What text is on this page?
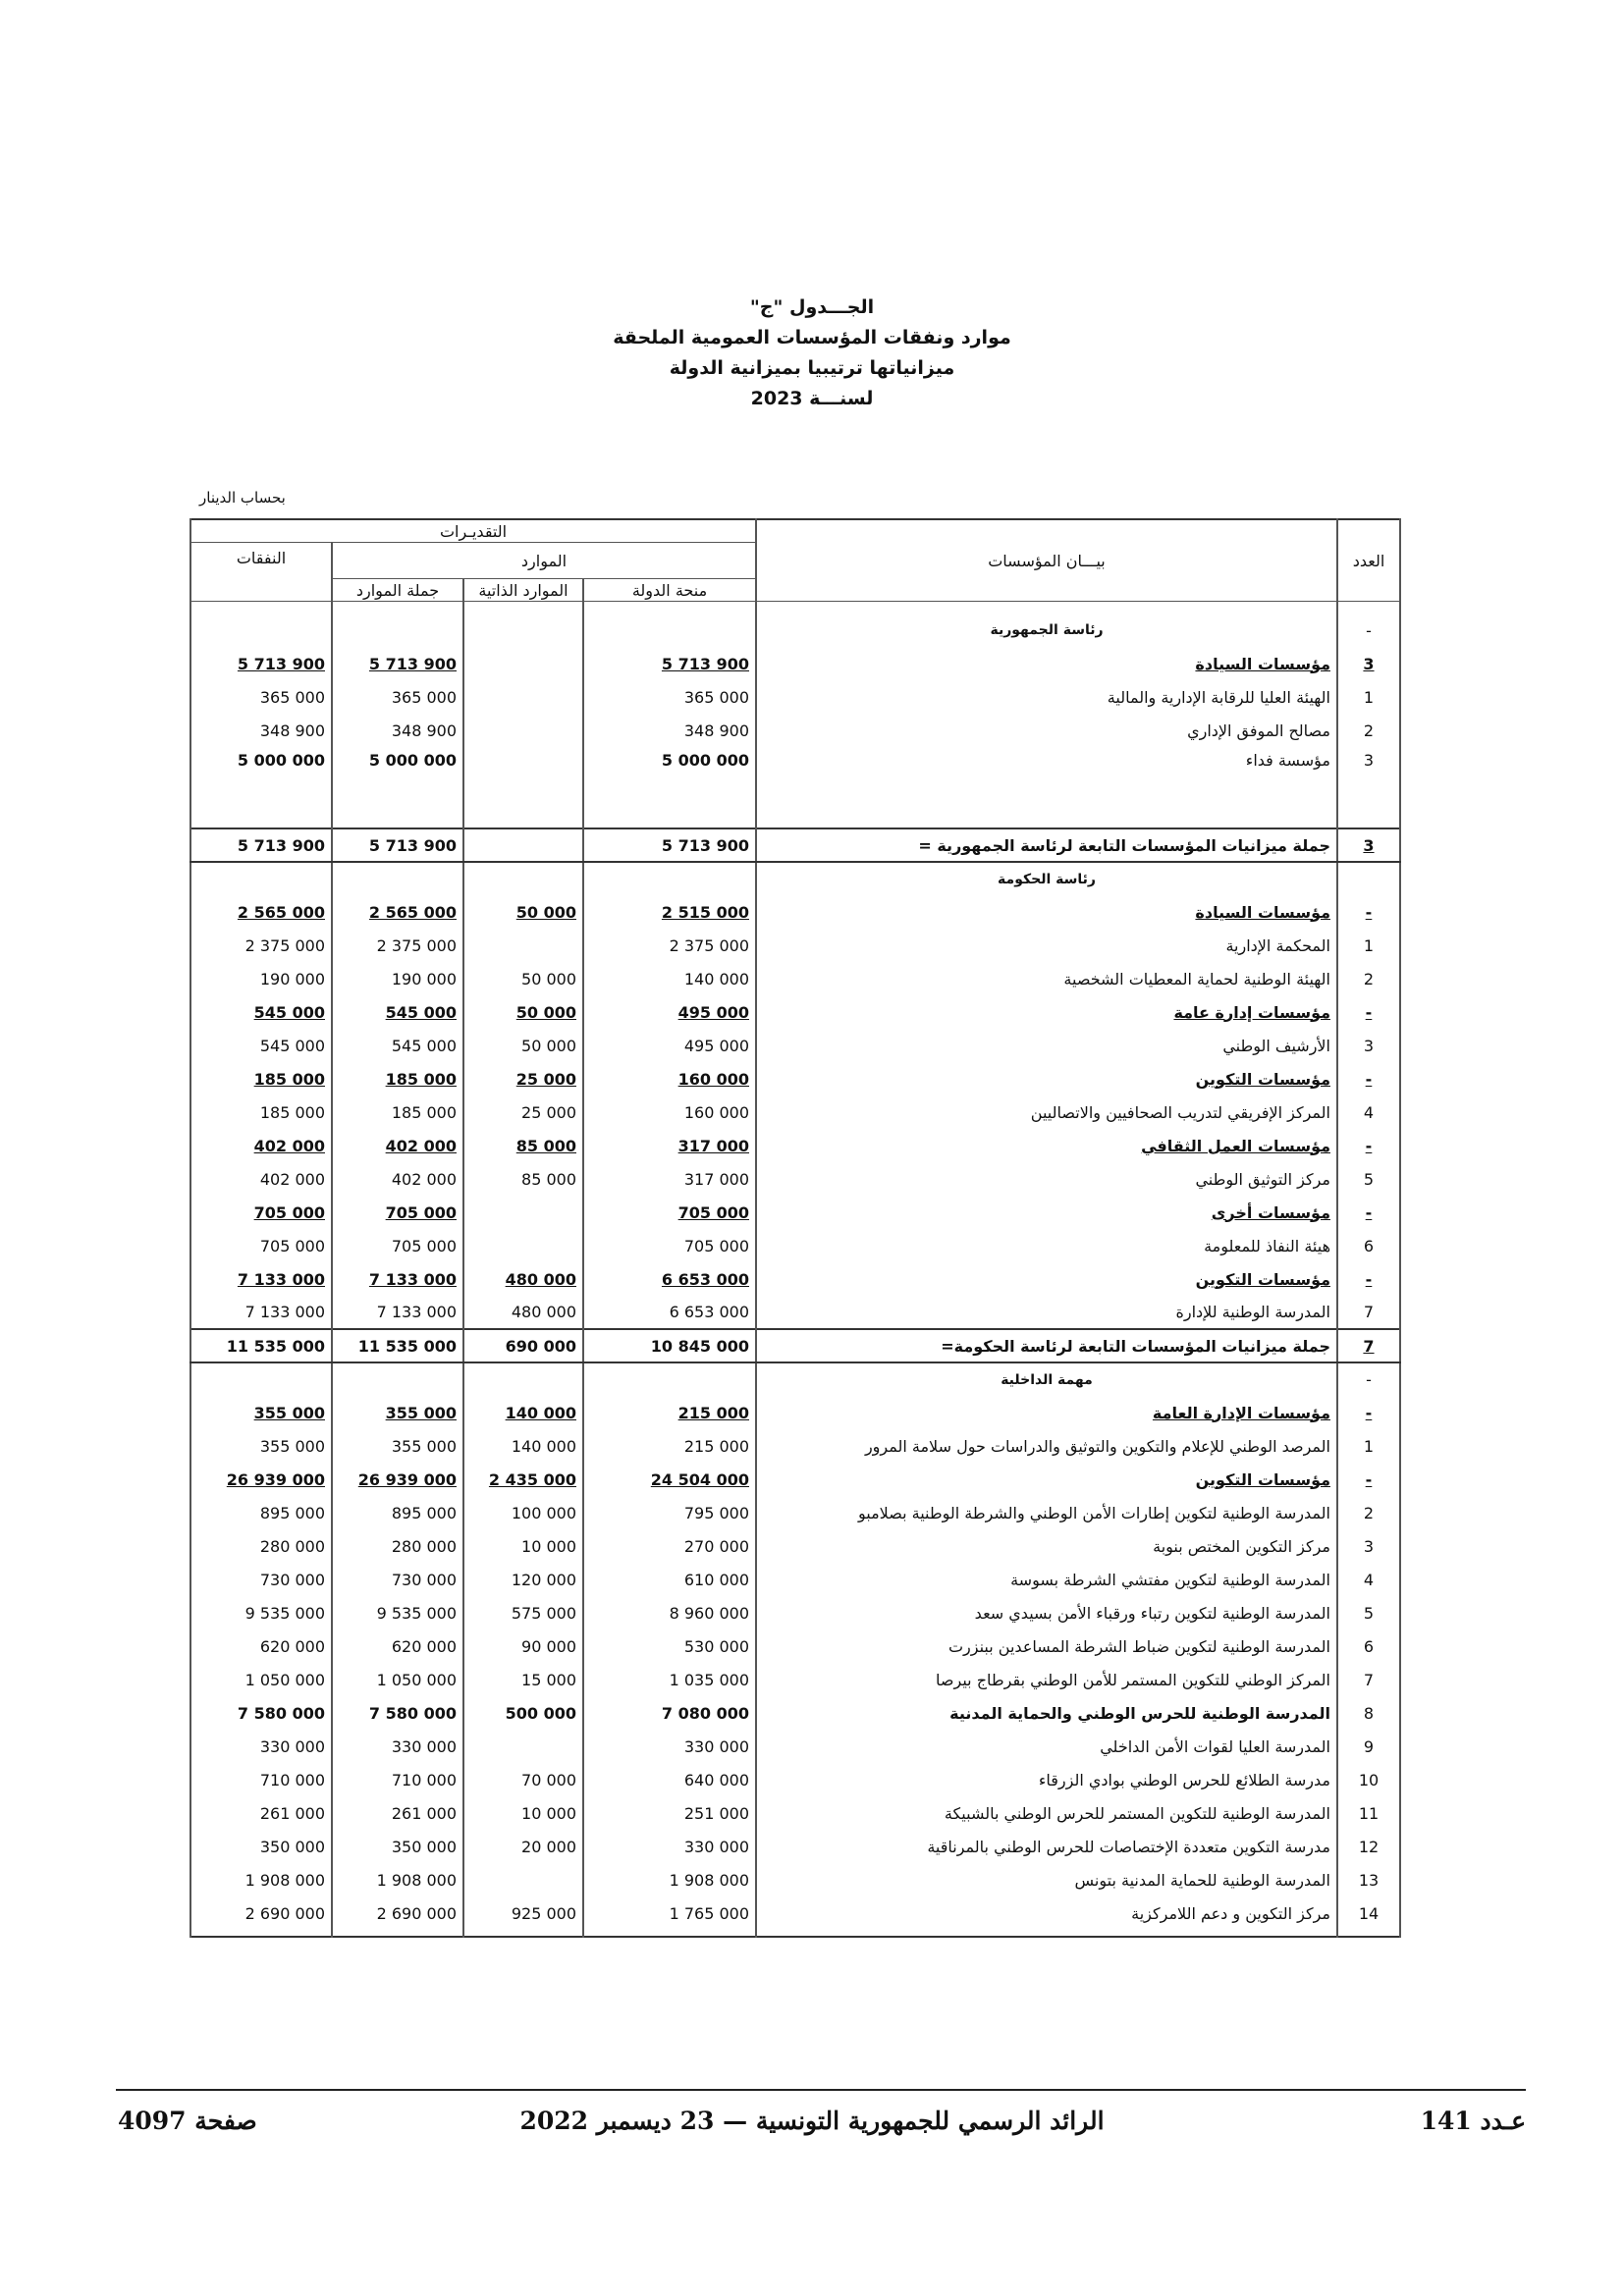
الجـــدول "ج"
موارد ونفقات المؤسسات العمومية الملحقة
ميزانياتها ترتيبيا بميزانية الدولة
لسنـــة 2023
بحساب الدينار
التقديـرات				بيـــان المؤسسات	العدد
النفقات	الموارد				
	جملة الموارد	الموارد الذاتية	منحة الدولة		

				رئاسة الجمهورية	-
5 713 900	5 713 900		5 713 900	مؤسسات السيادة	3
365 000	365 000		365 000	الهيئة العليا للرقابة الإدارية والمالية	1
348 900	348 900		348 900	مصالح الموفق الإداري	2
5 000 000	5 000 000		5 000 000	مؤسسة فداء	3

5 713 900	5 713 900		5 713 900	جملة ميزانيات المؤسسات التابعة لرئاسة الجمهورية =	3
				رئاسة الحكومة	
2 565 000	2 565 000	50 000	2 515 000	مؤسسات السيادة	-
2 375 000	2 375 000		2 375 000	المحكمة الإدارية	1
190 000	190 000	50 000	140 000	الهيئة الوطنية لحماية المعطيات الشخصية	2
545 000	545 000	50 000	495 000	مؤسسات إدارة عامة	-
545 000	545 000	50 000	495 000	الأرشيف الوطني	3
185 000	185 000	25 000	160 000	مؤسسات التكوين	-
185 000	185 000	25 000	160 000	المركز الإفريقي لتدريب الصحافيين والاتصاليين	4
402 000	402 000	85 000	317 000	مؤسسات العمل الثقافي	-
402 000	402 000	85 000	317 000	مركز التوثيق الوطني	5
705 000	705 000		705 000	مؤسسات أخرى	-
705 000	705 000		705 000	هيئة النفاذ للمعلومة	6
7 133 000	7 133 000	480 000	6 653 000	مؤسسات التكوين	-
7 133 000	7 133 000	480 000	6 653 000	المدرسة الوطنية للإدارة	7
11 535 000	11 535 000	690 000	10 845 000	جملة ميزانيات المؤسسات التابعة لرئاسة الحكومة=	7
				مهمة الداخلية	-
355 000	355 000	140 000	215 000	مؤسسات الإدارة العامة	-
355 000	355 000	140 000	215 000	المرصد الوطني للإعلام والتكوين والتوثيق والدراسات حول سلامة المرور	1
26 939 000	26 939 000	2 435 000	24 504 000	مؤسسات التكوين	-
895 000	895 000	100 000	795 000	المدرسة الوطنية لتكوين إطارات الأمن الوطني والشرطة الوطنية بصلامبو	2
280 000	280 000	10 000	270 000	مركز التكوين المختص بنوبة	3
730 000	730 000	120 000	610 000	المدرسة الوطنية لتكوين مفتشي الشرطة بسوسة	4
9 535 000	9 535 000	575 000	8 960 000	المدرسة الوطنية لتكوين رتباء ورقباء الأمن بسيدي سعد	5
620 000	620 000	90 000	530 000	المدرسة الوطنية لتكوين ضباط الشرطة المساعدين ببنزرت	6
1 050 000	1 050 000	15 000	1 035 000	المركز الوطني للتكوين المستمر للأمن الوطني بقرطاج بيرصا	7
7 580 000	7 580 000	500 000	7 080 000	المدرسة الوطنية للحرس الوطني والحماية المدنية	8
330 000	330 000		330 000	المدرسة العليا لقوات الأمن الداخلي	9
710 000	710 000	70 000	640 000	مدرسة الطلائع للحرس الوطني بوادي الزرقاء	10
261 000	261 000	10 000	251 000	المدرسة الوطنية للتكوين المستمر للحرس الوطني بالشبيكة	11
350 000	350 000	20 000	330 000	مدرسة التكوين متعددة الإختصاصات للحرس الوطني بالمرناقية	12
1 908 000	1 908 000		1 908 000	المدرسة الوطنية للحماية المدنية بتونس	13
2 690 000	2 690 000	925 000	1 765 000	مركز التكوين و دعم اللامركزية	14

صفحة 4097	الرائد الرسمي للجمهورية التونسية — 23 ديسمبر 2022	عـدد 141
